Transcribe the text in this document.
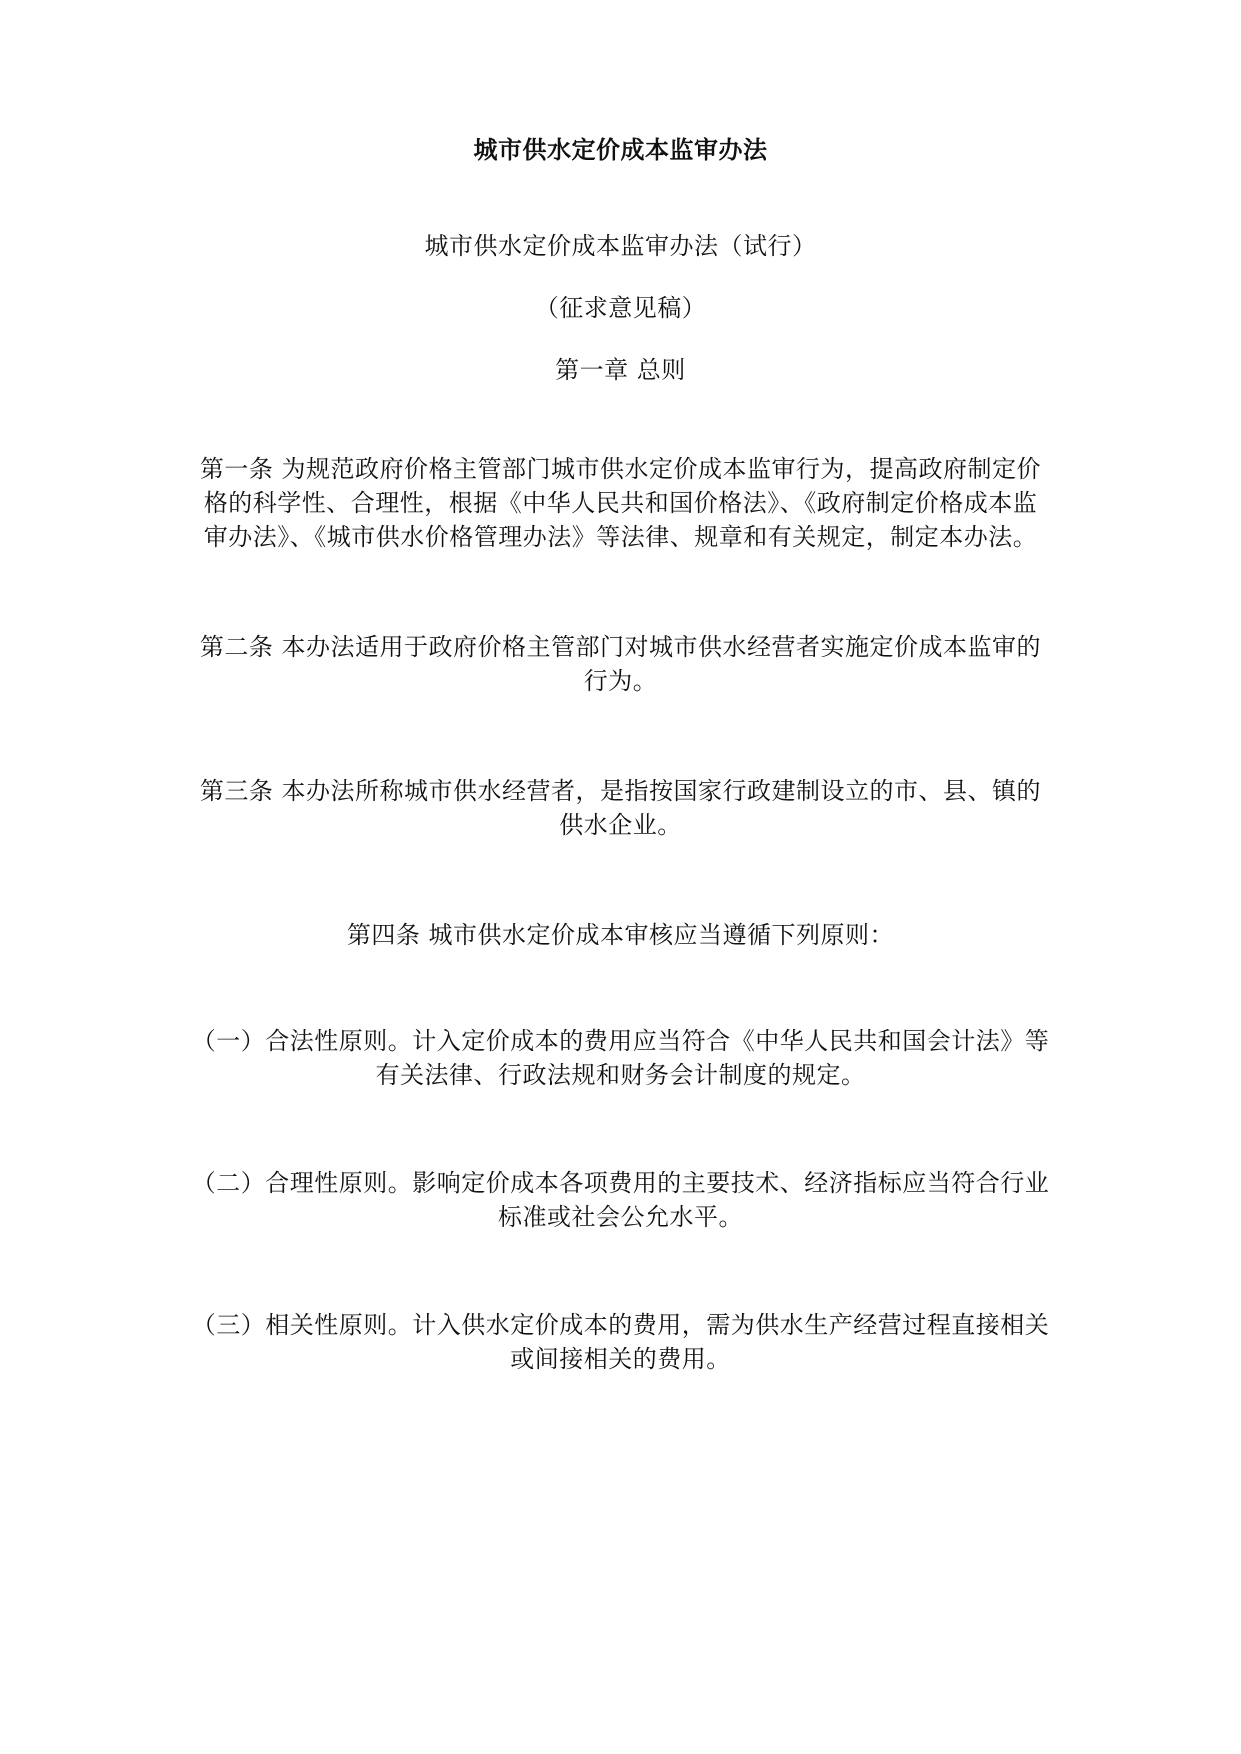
城市供水定价成本监审办法
城市供水定价成本监审办法（试行）
（征求意见稿）
第一章 总则
第一条 为规范政府价格主管部门城市供水定价成本监审行为，提高政府制定价
格的科学性、合理性，根据《中华人民共和国价格法》、《政府制定价格成本监
审办法》、《城市供水价格管理办法》等法律、规章和有关规定，制定本办法。
第二条 本办法适用于政府价格主管部门对城市供水经营者实施定价成本监审的
行为。
第三条 本办法所称城市供水经营者，是指按国家行政建制设立的市、县、镇的
供水企业。
第四条 城市供水定价成本审核应当遵循下列原则：
（一）合法性原则。计入定价成本的费用应当符合《中华人民共和国会计法》等
有关法律、行政法规和财务会计制度的规定。
（二）合理性原则。影响定价成本各项费用的主要技术、经济指标应当符合行业
标准或社会公允水平。
（三）相关性原则。计入供水定价成本的费用，需为供水生产经营过程直接相关
或间接相关的费用。
